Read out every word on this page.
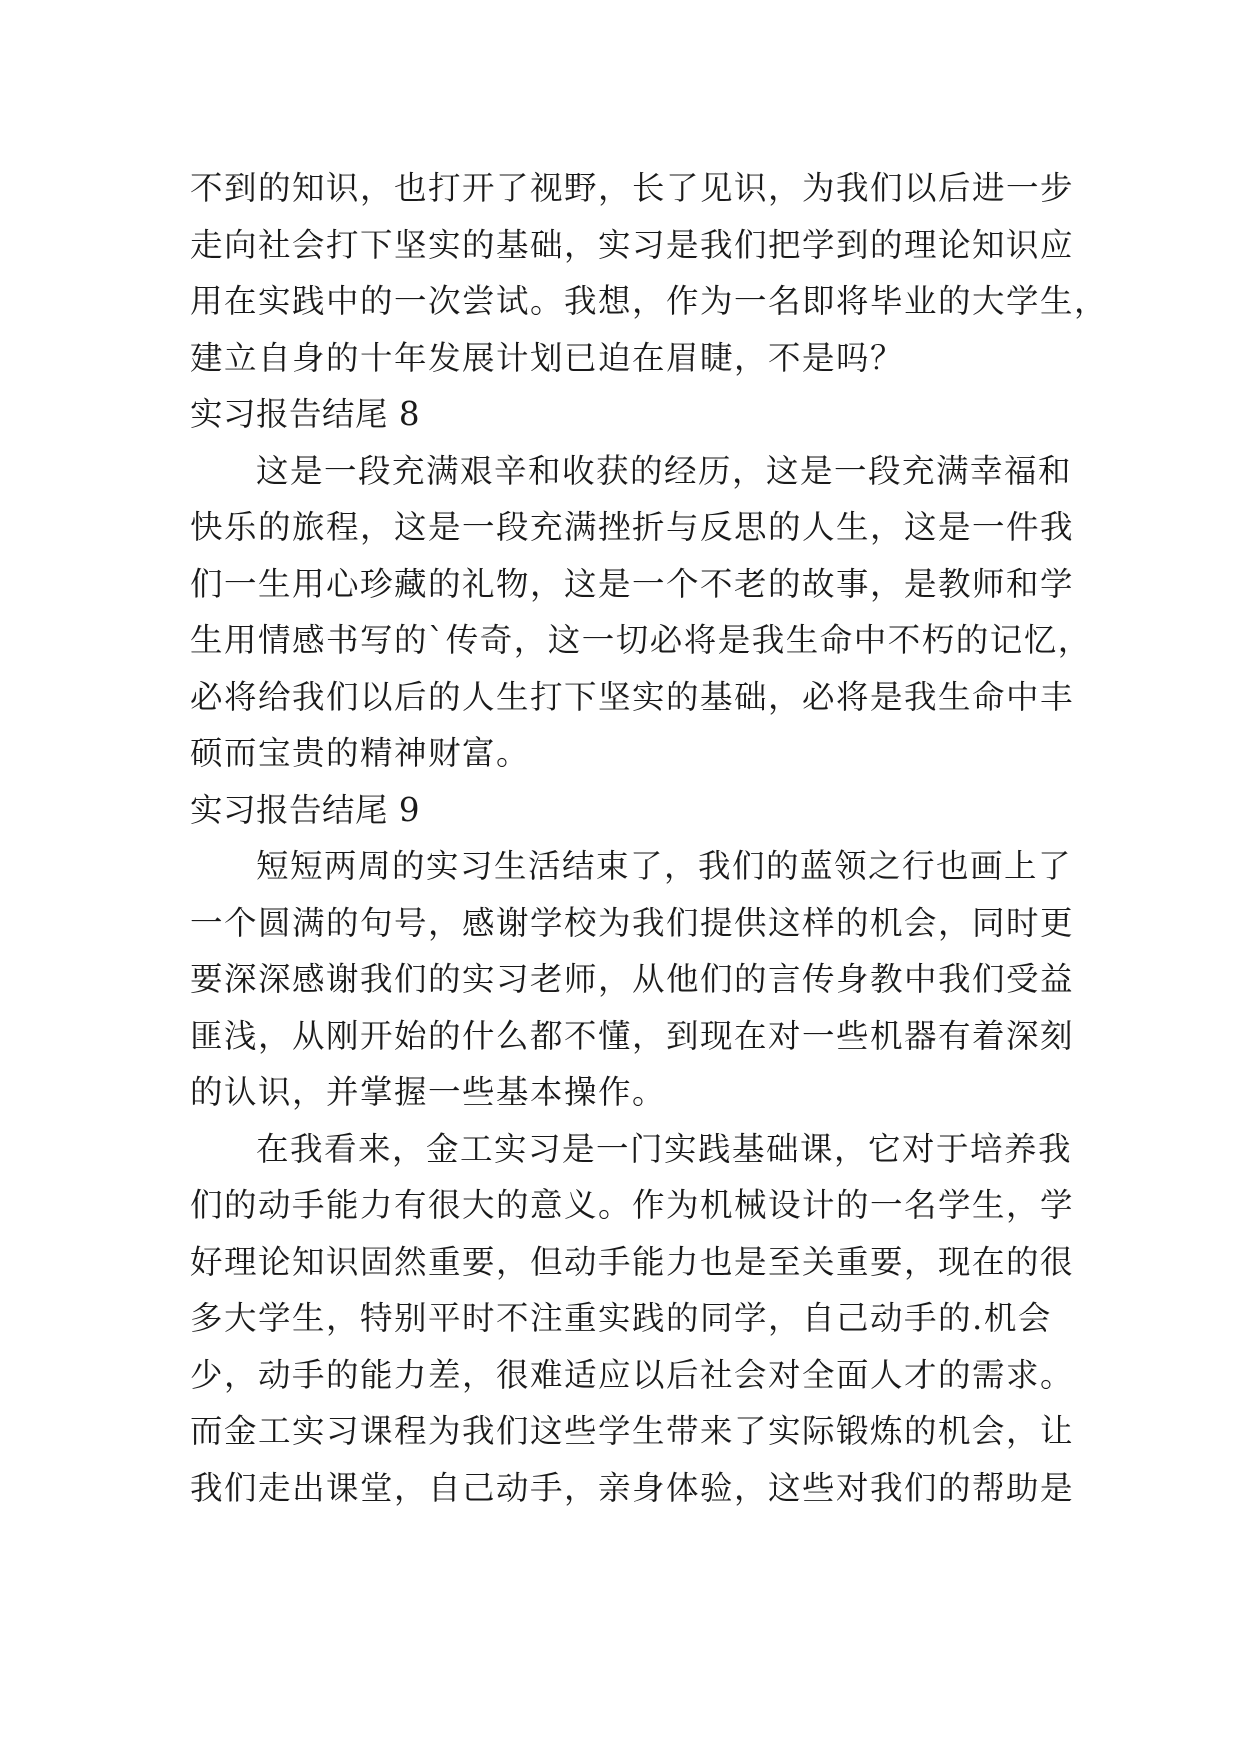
不到的知识，也打开了视野，长了见识，为我们以后进一步
走向社会打下坚实的基础，实习是我们把学到的理论知识应
用在实践中的一次尝试。我想，作为一名即将毕业的大学生，
建立自身的十年发展计划已迫在眉睫，不是吗？
实习报告结尾 8
这是一段充满艰辛和收获的经历，这是一段充满幸福和
快乐的旅程，这是一段充满挫折与反思的人生，这是一件我
们一生用心珍藏的礼物，这是一个不老的故事，是教师和学
生用情感书写的`传奇，这一切必将是我生命中不朽的记忆，
必将给我们以后的人生打下坚实的基础，必将是我生命中丰
硕而宝贵的精神财富。
实习报告结尾 9
短短两周的实习生活结束了，我们的蓝领之行也画上了
一个圆满的句号，感谢学校为我们提供这样的机会，同时更
要深深感谢我们的实习老师，从他们的言传身教中我们受益
匪浅，从刚开始的什么都不懂，到现在对一些机器有着深刻
的认识，并掌握一些基本操作。
在我看来，金工实习是一门实践基础课，它对于培养我
们的动手能力有很大的意义。作为机械设计的一名学生，学
好理论知识固然重要，但动手能力也是至关重要，现在的很
多大学生，特别平时不注重实践的同学，自己动手的.机会
少，动手的能力差，很难适应以后社会对全面人才的需求。
而金工实习课程为我们这些学生带来了实际锻炼的机会，让
我们走出课堂，自己动手，亲身体验，这些对我们的帮助是
